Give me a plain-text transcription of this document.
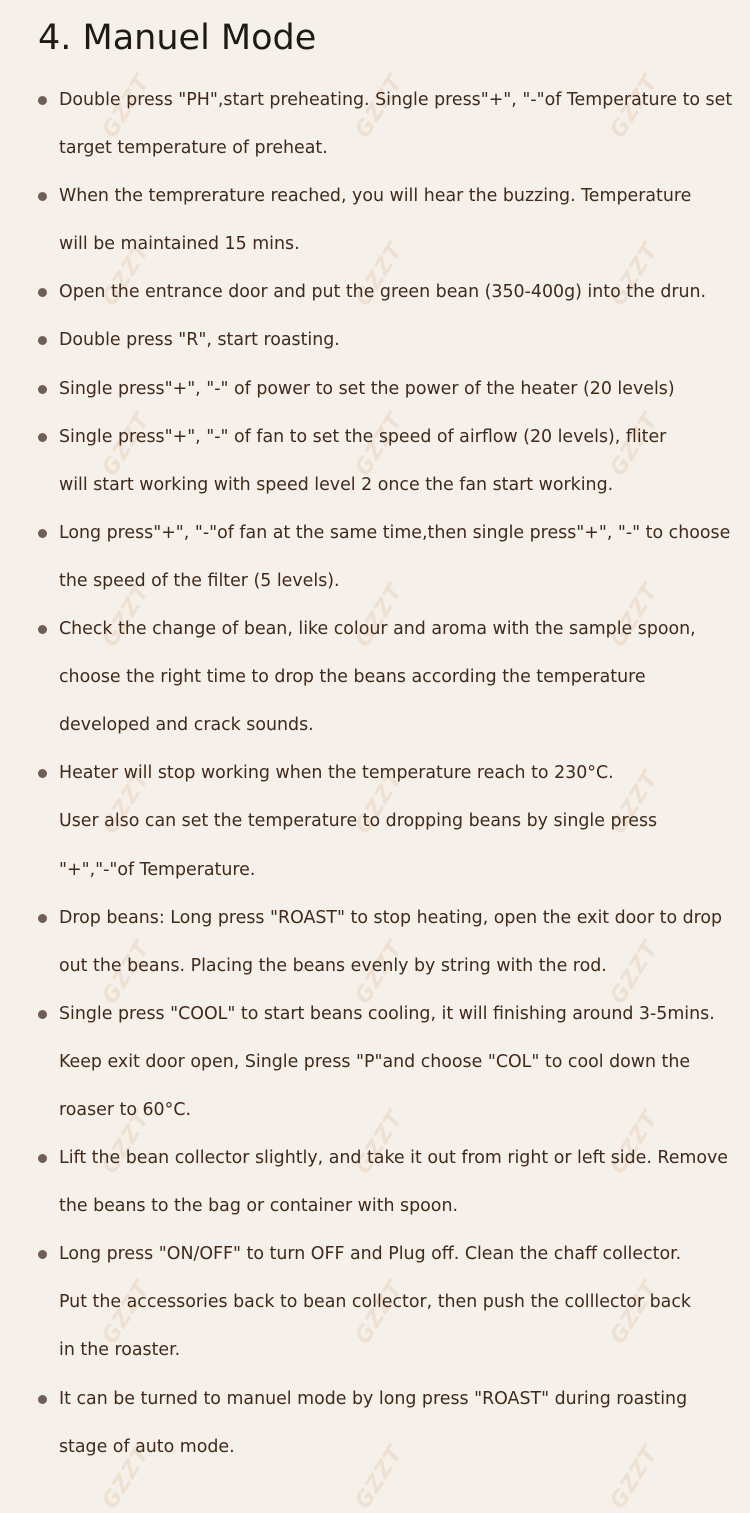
GZZT	GZZT	GZZT
GZZT	GZZT	GZZT
GZZT	GZZT	GZZT
GZZT	GZZT	GZZT
GZZT	GZZT	GZZT
GZZT	GZZT	GZZT
GZZT	GZZT	GZZT
GZZT	GZZT	GZZT
GZZT	GZZT	GZZT
4. Manuel Mode
Double press "PH",start preheating. Single press"+", "-"of Temperature to set
target temperature of preheat.
When the tempreraturе reached, you will hear the buzzing. Temperature
will be maintained 15 mins.
Open the entrance door and put the green bean (350-400g) into the drun.
Double press "R", start roasting.
Single press"+", "-" of power to set the power of the heater (20 levels)
Single press"+", "-" of fan to set the speed of airflow (20 levels), fliter
will start working with speed level 2 once the fan start working.
Long press"+", "-"of fan at the same time,then single press"+", "-" to choose
the speed of the filter (5 levels).
Check the change of bean, like colour and aroma with the sample spoon,
choose the right time to drop the beans according the temperature
developed and crack sounds.
Heater will stop working when the temperature reach to 230°C.
User also can set the temperature to dropping beans by single press
"+","-"of Temperature.
Drop beans: Long press "ROAST" to stop heating, open the exit door to drop
out the beans. Placing the beans evenly by string with the rod.
Single press "COOL" to start beans cooling, it will finishing around 3-5mins.
Keep exit door open, Single press "P"and choose "COL" to cool down the
roaser to 60°C.
Lift the bean collector slightly, and take it out from right or left side. Remove
the beans to the bag or container with spoon.
Long press "ON/OFF" to turn OFF and Plug off. Clean the chaff collector.
Put the accessories back to bean collector, then push the colllector back
in the roaster.
It can be turned to manuel mode by long press "ROAST" during roasting
stage of auto mode.
